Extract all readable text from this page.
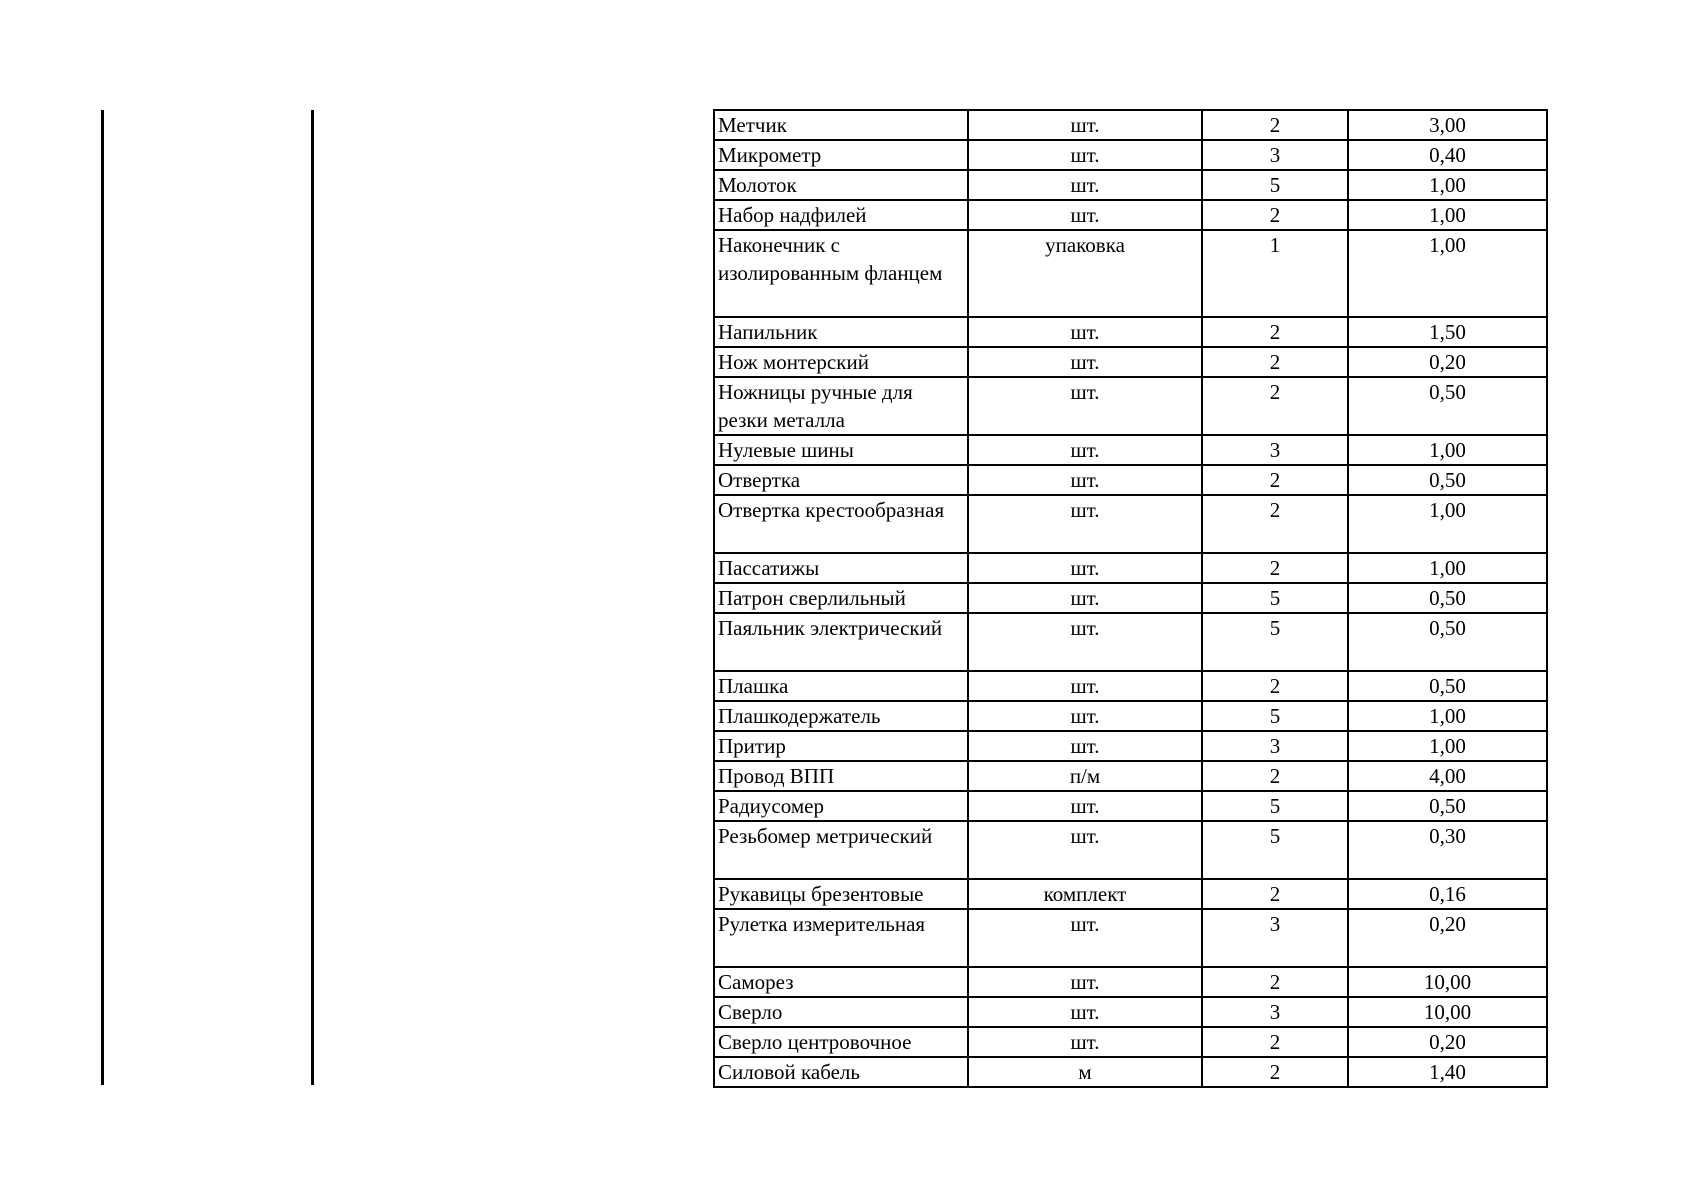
Метчик	шт.	2	3,00
Микрометр	шт.	3	0,40
Молоток	шт.	5	1,00
Набор надфилей	шт.	2	1,00
Наконечник с изолированным фланцем	упаковка	1	1,00
Напильник	шт.	2	1,50
Нож монтерский	шт.	2	0,20
Ножницы ручные для резки металла	шт.	2	0,50
Нулевые шины	шт.	3	1,00
Отвертка	шт.	2	0,50
Отвертка крестообразная	шт.	2	1,00
Пассатижы	шт.	2	1,00
Патрон сверлильный	шт.	5	0,50
Паяльник электрический	шт.	5	0,50
Плашка	шт.	2	0,50
Плашкодержатель	шт.	5	1,00
Притир	шт.	3	1,00
Провод ВПП	п/м	2	4,00
Радиусомер	шт.	5	0,50
Резьбомер метрический	шт.	5	0,30
Рукавицы брезентовые	комплект	2	0,16
Рулетка измерительная	шт.	3	0,20
Саморез	шт.	2	10,00
Сверло	шт.	3	10,00
Сверло центровочное	шт.	2	0,20
Силовой кабель	м	2	1,40
